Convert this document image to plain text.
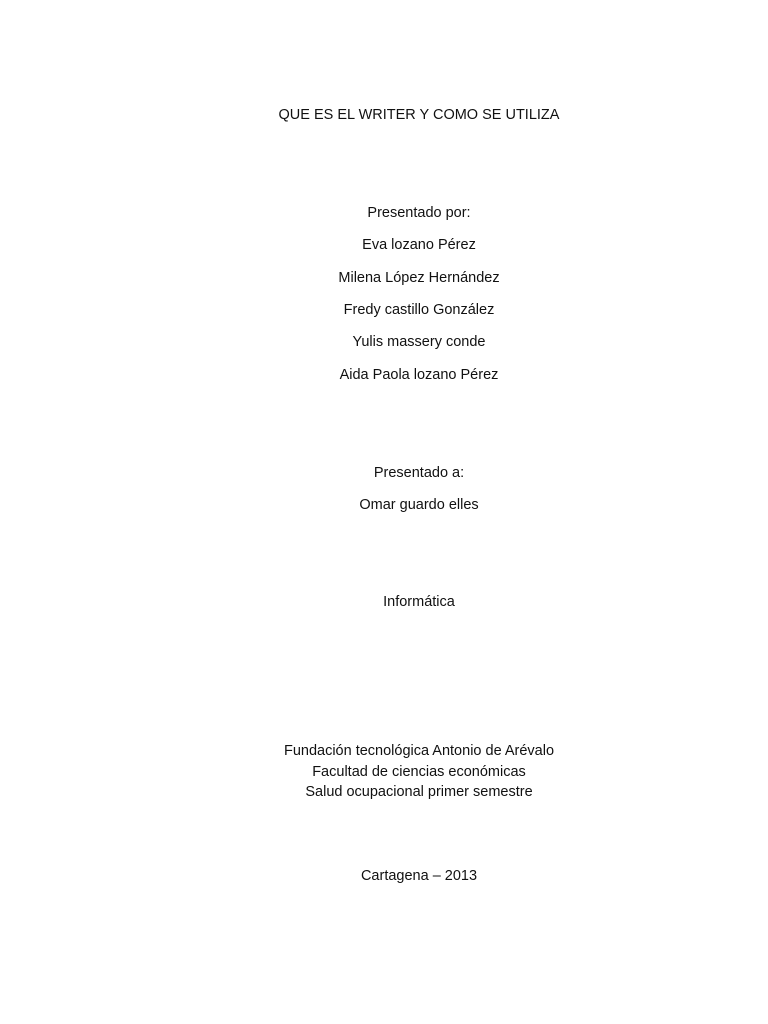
QUE ES EL WRITER Y COMO SE UTILIZA
Presentado por:
Eva lozano Pérez
Milena López Hernández
Fredy castillo González
Yulis massery conde
Aida Paola lozano Pérez
Presentado a:
Omar guardo elles
Informática
Fundación tecnológica Antonio de Arévalo
Facultad de ciencias económicas
Salud ocupacional primer semestre
Cartagena – 2013
